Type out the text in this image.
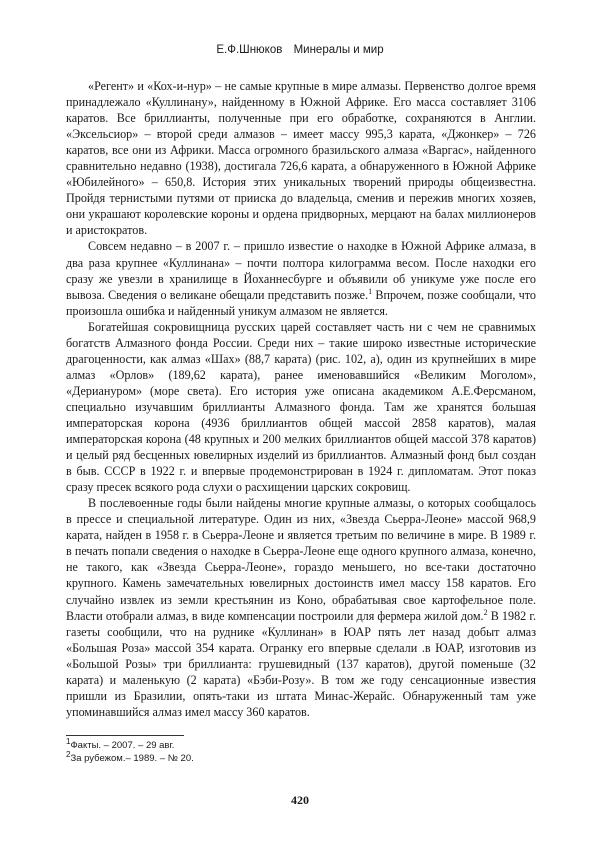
Е.Ф.Шнюков Минералы и мир

«Регент» и «Кох-и-нур» – не самые крупные в мире алмазы. Первенство долгое время принадлежало «Куллинану», найденному в Южной Африке. Его масса составляет 3106 каратов. Все бриллианты, полученные при его обработке, сохраняются в Англии. «Эксельсиор» – второй среди алмазов – имеет массу 995,3 карата, «Джонкер» – 726 каратов, все они из Африки. Масса огромного бразильского алмаза «Варгас», найденного сравнительно недавно (1938), достигала 726,6 карата, а обнаруженного в Южной Африке «Юбилейного» – 650,8. История этих уникальных творений природы общеизвестна. Пройдя тернистыми путями от прииска до владельца, сменив и пережив многих хозяев, они украшают королевские короны и ордена придворных, мерцают на балах миллионеров и аристократов.

Совсем недавно – в 2007 г. – пришло известие о находке в Южной Африке алмаза, в два раза крупнее «Куллинана» – почти полтора килограмма весом. После находки его сразу же увезли в хранилище в Йоханнесбурге и объявили об уникуме уже после его вывоза. Сведения о великане обещали представить позже.$^1$ Впрочем, позже сообщали, что произошла ошибка и найденный уникум алмазом не является.

Богатейшая сокровищница русских царей составляет часть ни с чем не сравнимых богатств Алмазного фонда России. Среди них – такие широко известные исторические драгоценности, как алмаз «Шах» (88,7 карата) (рис. 102, а), один из крупнейших в мире алмаз «Орлов» (189,62 карата), ранее именовавшийся «Великим Моголом», «Дериануром» (море света). Его история уже описана академиком А.Е.Ферсманом, специально изучавшим бриллианты Алмазного фонда. Там же хранятся большая императорская корона (4936 бриллиантов общей массой 2858 каратов), малая императорская корона (48 крупных и 200 мелких бриллиантов общей массой 378 каратов) и целый ряд бесценных ювелирных изделий из бриллиантов. Алмазный фонд был создан в быв. СССР в 1922 г. и впервые продемонстрирован в 1924 г. дипломатам. Этот показ сразу пресек всякого рода слухи о расхищении царских сокровищ.

В послевоенные годы были найдены многие крупные алмазы, о которых сообщалось в прессе и специальной литературе. Один из них, «Звезда Сьерра-Леоне» массой 968,9 карата, найден в 1958 г. в Сьерра-Леоне и является третьим по величине в мире. В 1989 г. в печать попали сведения о находке в Сьерра-Леоне еще одного крупного алмаза, конечно, не такого, как «Звезда Сьерра-Леоне», гораздо меньшего, но все-таки достаточно крупного. Камень замечательных ювелирных достоинств имел массу 158 каратов. Его случайно извлек из земли крестьянин из Коно, обрабатывая свое картофельное поле. Власти отобрали алмаз, в виде компенсации построили для фермера жилой дом.$^2$ В 1982 г. газеты сообщили, что на руднике «Куллинан» в ЮАР пять лет назад добыт алмаз «Большая Роза» массой 354 карата. Огранку его впервые сделали .в ЮАР, изготовив из «Большой Розы» три бриллианта: грушевидный (137 каратов), другой поменьше (32 карата) и маленькую (2 карата) «Бэби-Розу». В том же году сенсационные известия пришли из Бразилии, опять-таки из штата Минас-Жерайс. Обнаруженный там уже упоминавшийся алмаз имел массу 360 каратов.

$^1$Факты. – 2007. – 29 авг.
$^2$За рубежом.– 1989. – № 20.
420
